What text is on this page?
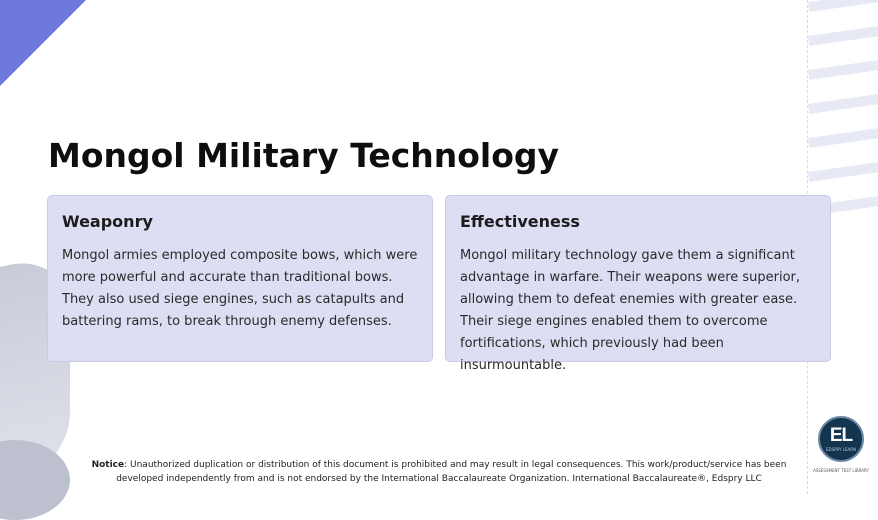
Mongol Military Technology
Weaponry

Mongol armies employed composite bows, which were more powerful and accurate than traditional bows. They also used siege engines, such as catapults and battering rams, to break through enemy defenses.

Effectiveness

Mongol military technology gave them a significant advantage in warfare. Their weapons were superior, allowing them to defeat enemies with greater ease. Their siege engines enabled them to overcome fortifications, which previously had been insurmountable.

Notice: Unauthorized duplication or distribution of this document is prohibited and may result in legal consequences. This work/product/service has been developed independently from and is not endorsed by the International Baccalaureate Organization. International Baccalaureate®, Edspry LLC
EL
EDSPRY LEARN
ASSESSMENT TEST LIBRARY
